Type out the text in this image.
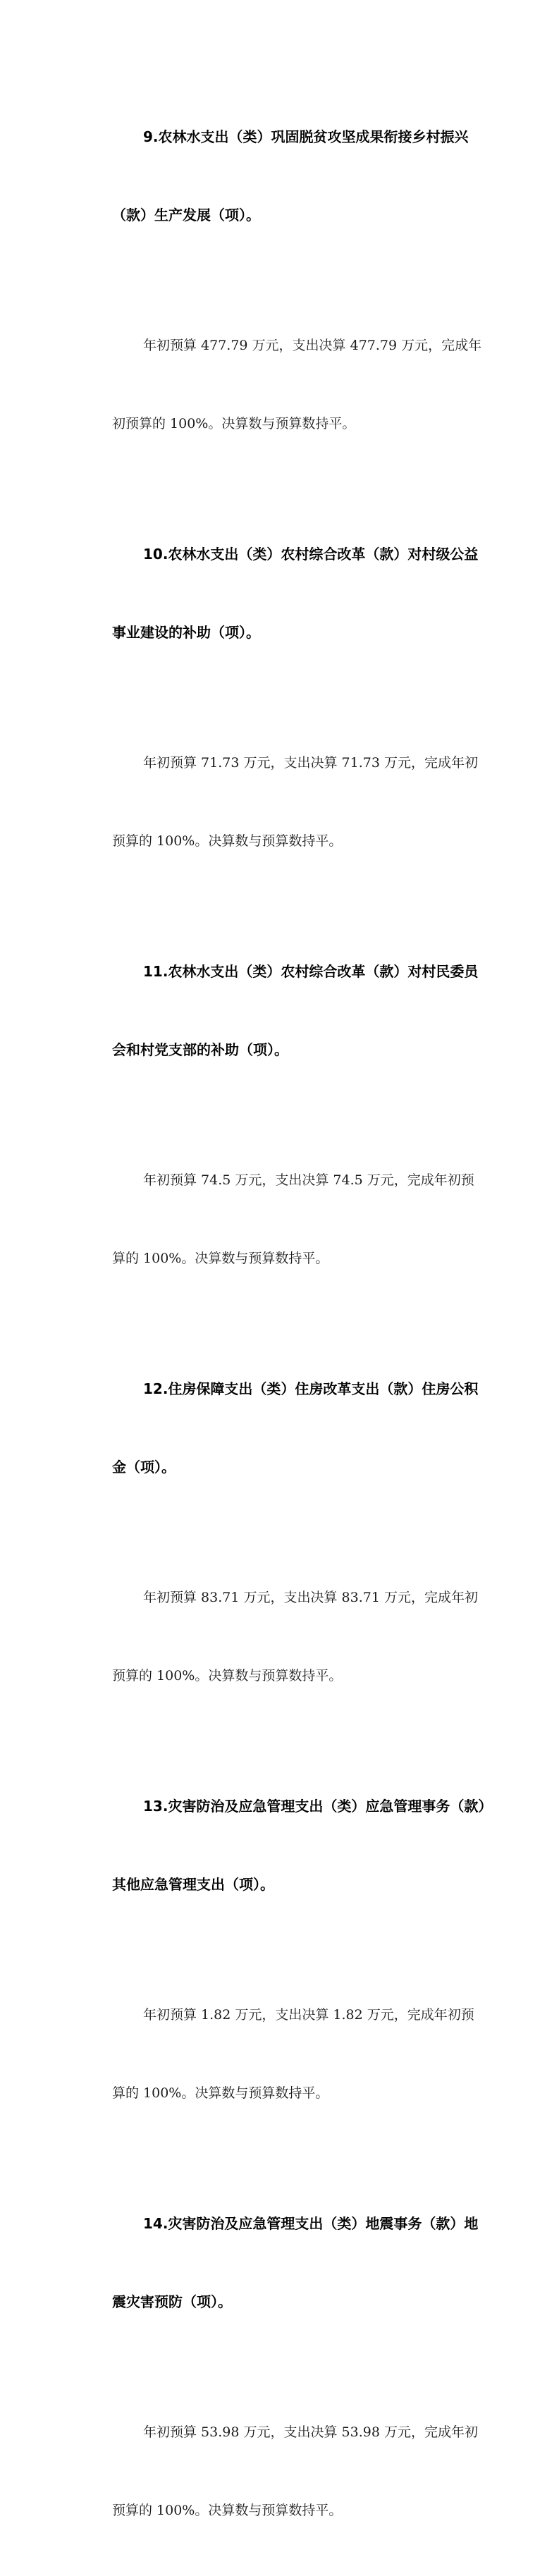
9.农林水支出（类）巩固脱贫攻坚成果衔接乡村振兴

（款）生产发展（项）。

年初预算 477.79 万元，支出决算 477.79 万元，完成年

初预算的 100%。决算数与预算数持平。

10.农林水支出（类）农村综合改革（款）对村级公益

事业建设的补助（项）。

年初预算 71.73 万元，支出决算 71.73 万元，完成年初

预算的 100%。决算数与预算数持平。

11.农林水支出（类）农村综合改革（款）对村民委员

会和村党支部的补助（项）。

年初预算 74.5 万元，支出决算 74.5 万元，完成年初预

算的 100%。决算数与预算数持平。

12.住房保障支出（类）住房改革支出（款）住房公积

金（项）。

年初预算 83.71 万元，支出决算 83.71 万元，完成年初

预算的 100%。决算数与预算数持平。

13.灾害防治及应急管理支出（类）应急管理事务（款）

其他应急管理支出（项）。

年初预算 1.82 万元，支出决算 1.82 万元，完成年初预

算的 100%。决算数与预算数持平。

14.灾害防治及应急管理支出（类）地震事务（款）地

震灾害预防（项）。

年初预算 53.98 万元，支出决算 53.98 万元，完成年初

预算的 100%。决算数与预算数持平。
